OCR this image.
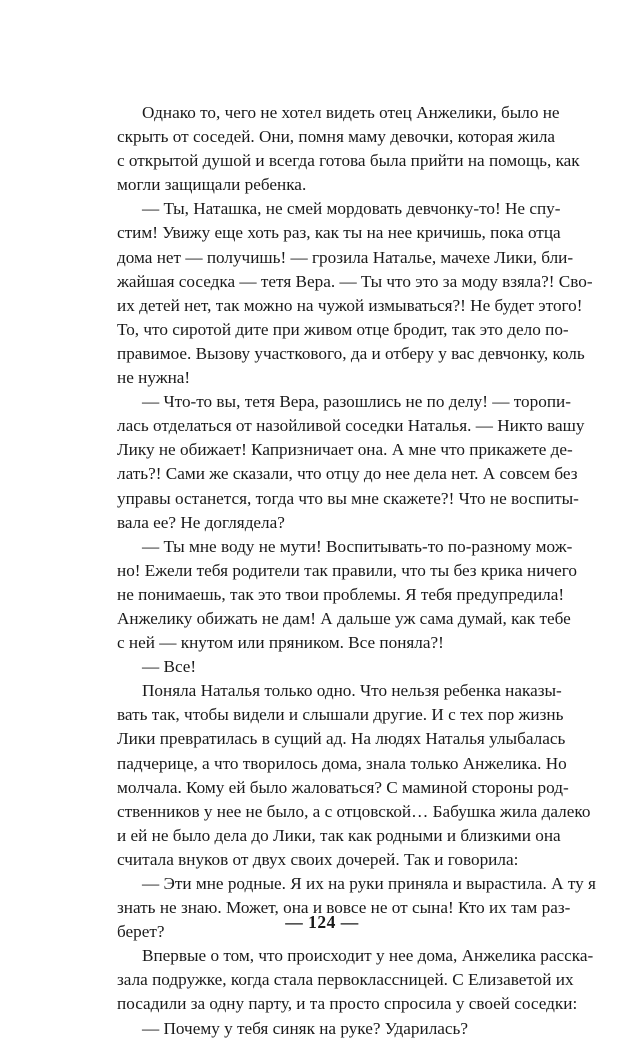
Однако то, чего не хотел видеть отец Анжелики, было не
скрыть от соседей. Они, помня маму девочки, которая жила
с открытой душой и всегда готова была прийти на помощь, как
могли защищали ребенка.
— Ты, Наташка, не смей мордовать девчонку-то! Не спу-
стим! Увижу еще хоть раз, как ты на нее кричишь, пока отца
дома нет — получишь! — грозила Наталье, мачехе Лики, бли-
жайшая соседка — тетя Вера. — Ты что это за моду взяла?! Сво-
их детей нет, так можно на чужой измываться?! Не будет этого!
То, что сиротой дите при живом отце бродит, так это дело по-
правимое. Вызову участкового, да и отберу у вас девчонку, коль
не нужна!
— Что-то вы, тетя Вера, разошлись не по делу! — торопи-
лась отделаться от назойливой соседки Наталья. — Никто вашу
Лику не обижает! Капризничает она. А мне что прикажете де-
лать?! Сами же сказали, что отцу до нее дела нет. А совсем без
управы останется, тогда что вы мне скажете?! Что не воспиты-
вала ее? Не доглядела?
— Ты мне воду не мути! Воспитывать-то по-разному мож-
но! Ежели тебя родители так правили, что ты без крика ничего
не понимаешь, так это твои проблемы. Я тебя предупредила!
Анжелику обижать не дам! А дальше уж сама думай, как тебе
с ней — кнутом или пряником. Все поняла?!
— Все!
Поняла Наталья только одно. Что нельзя ребенка наказы-
вать так, чтобы видели и слышали другие. И с тех пор жизнь
Лики превратилась в сущий ад. На людях Наталья улыбалась
падчерице, а что творилось дома, знала только Анжелика. Но
молчала. Кому ей было жаловаться? С маминой стороны род-
ственников у нее не было, а с отцовской… Бабушка жила далеко
и ей не было дела до Лики, так как родными и близкими она
считала внуков от двух своих дочерей. Так и говорила:
— Эти мне родные. Я их на руки приняла и вырастила. А ту я
знать не знаю. Может, она и вовсе не от сына! Кто их там раз-
берет?
Впервые о том, что происходит у нее дома, Анжелика расска-
зала подружке, когда стала первоклассницей. С Елизаветой их
посадили за одну парту, и та просто спросила у своей соседки:
— Почему у тебя синяк на руке? Ударилась?
— 124 —
